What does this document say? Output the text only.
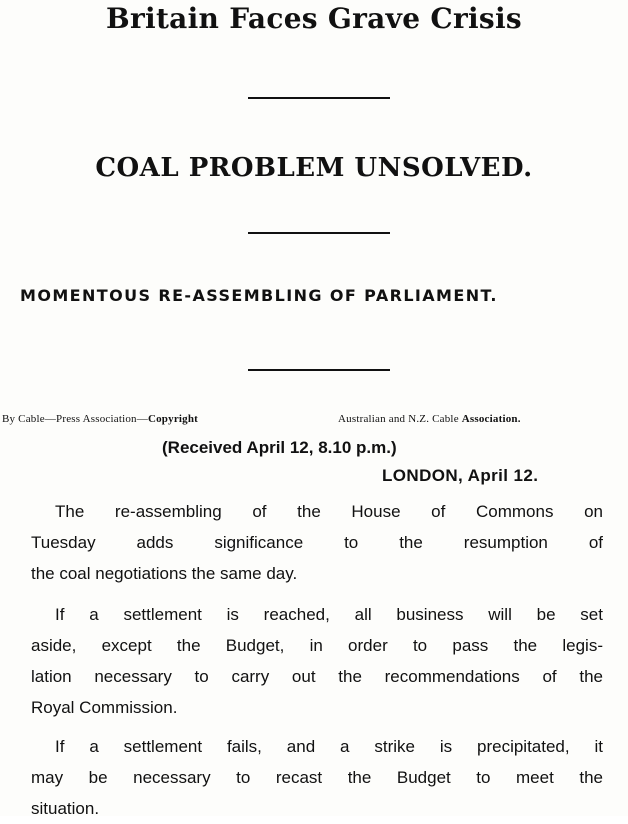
Britain Faces Grave Crisis
COAL PROBLEM UNSOLVED.
MOMENTOUS RE-ASSEMBLING OF PARLIAMENT.
By Cable—Press Association—Copyright	Australian and N.Z. Cable Association.
(Received April 12, 8.10 p.m.)
LONDON, April 12.

The re-assembling of the House of Commons on
Tuesday adds significance to the resumption of
the coal negotiations the same day.

If a settlement is reached, all business will be set
aside, except the Budget, in order to pass the legis-
lation necessary to carry out the recommendations of the
Royal Commission.

If a settlement fails, and a strike is precipitated, it
may be necessary to recast the Budget to meet the
situation.
